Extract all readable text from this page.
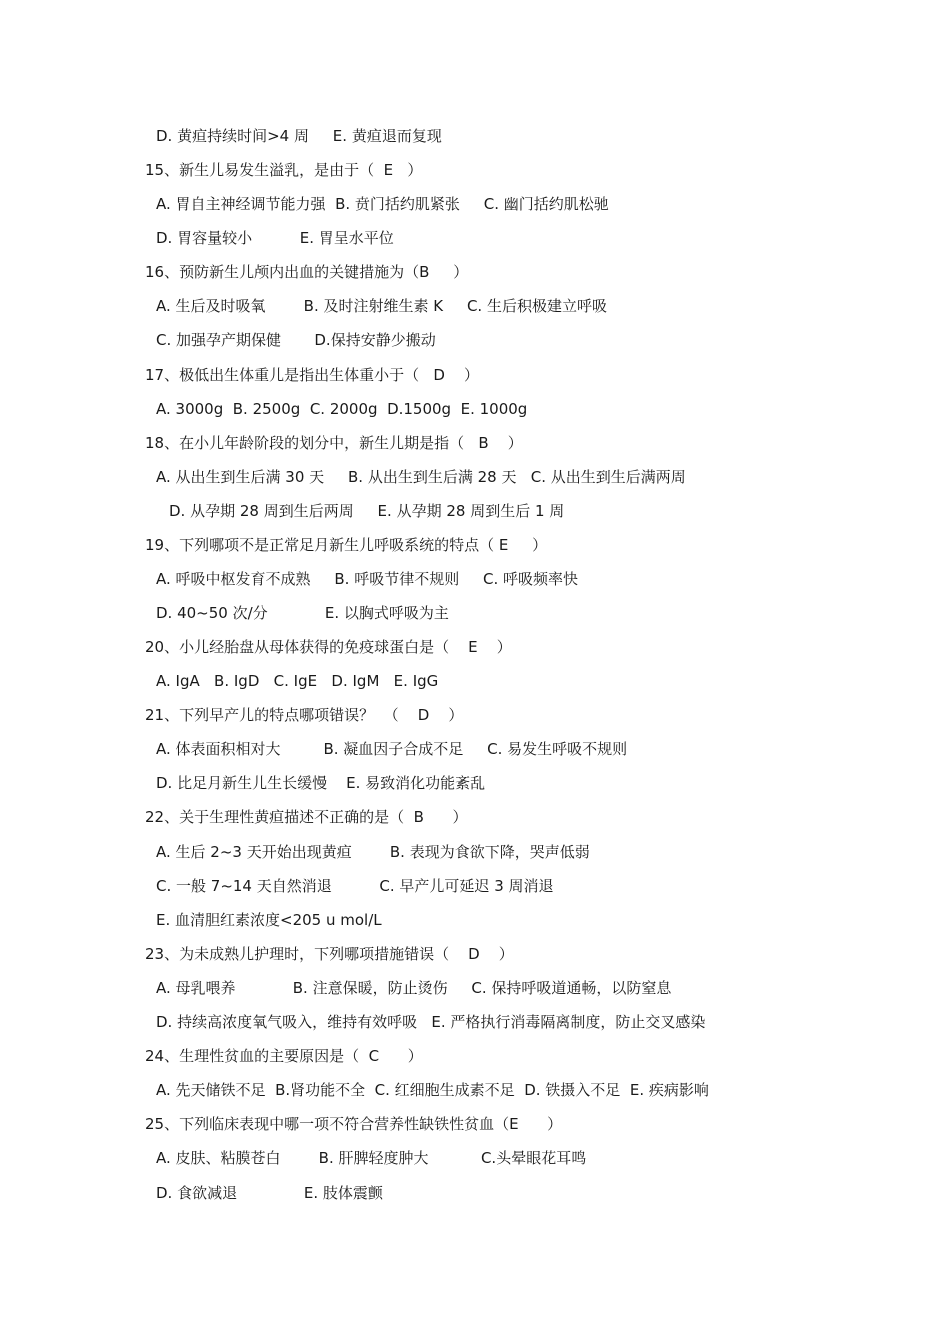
D. 黄疸持续时间>4 周     E. 黄疸退而复现
15、新生儿易发生溢乳，是由于（  E   ）
A. 胃自主神经调节能力强  B. 贲门括约肌紧张     C. 幽门括约肌松驰
D. 胃容量较小          E. 胃呈水平位
16、预防新生儿颅内出血的关键措施为（B     ）
A. 生后及时吸氧        B. 及时注射维生素 K     C. 生后积极建立呼吸
C. 加强孕产期保健       D.保持安静少搬动
17、极低出生体重儿是指出生体重小于（   D    ）
A. 3000g  B. 2500g  C. 2000g  D.1500g  E. 1000g
18、在小儿年龄阶段的划分中，新生儿期是指（   B    ）
A. 从出生到生后满 30 天     B. 从出生到生后满 28 天   C. 从出生到生后满两周
D. 从孕期 28 周到生后两周     E. 从孕期 28 周到生后 1 周
19、下列哪项不是正常足月新生儿呼吸系统的特点（ E     ）
A. 呼吸中枢发育不成熟     B. 呼吸节律不规则     C. 呼吸频率快
D. 40~50 次/分            E. 以胸式呼吸为主
20、小儿经胎盘从母体获得的免疫球蛋白是（    E    ）
A. IgA   B. IgD   C. IgE   D. IgM   E. IgG
21、下列早产儿的特点哪项错误？  （    D    ）
A. 体表面积相对大         B. 凝血因子合成不足     C. 易发生呼吸不规则
D. 比足月新生儿生长缓慢    E. 易致消化功能紊乱
22、关于生理性黄疸描述不正确的是（  B      ）
A. 生后 2~3 天开始出现黄疸        B. 表现为食欲下降，哭声低弱
C. 一般 7~14 天自然消退          C. 早产儿可延迟 3 周消退
E. 血清胆红素浓度<205 u mol/L
23、为未成熟儿护理时，下列哪项措施错误（    D    ）
A. 母乳喂养            B. 注意保暖，防止烫伤     C. 保持呼吸道通畅，以防窒息
D. 持续高浓度氧气吸入，维持有效呼吸   E. 严格执行消毒隔离制度，防止交叉感染
24、生理性贫血的主要原因是（  C      ）
A. 先天储铁不足  B.肾功能不全  C. 红细胞生成素不足  D. 铁摄入不足  E. 疾病影响
25、下列临床表现中哪一项不符合营养性缺铁性贫血（E      ）
A. 皮肤、粘膜苍白        B. 肝脾轻度肿大           C.头晕眼花耳鸣
D. 食欲减退              E. 肢体震颤
